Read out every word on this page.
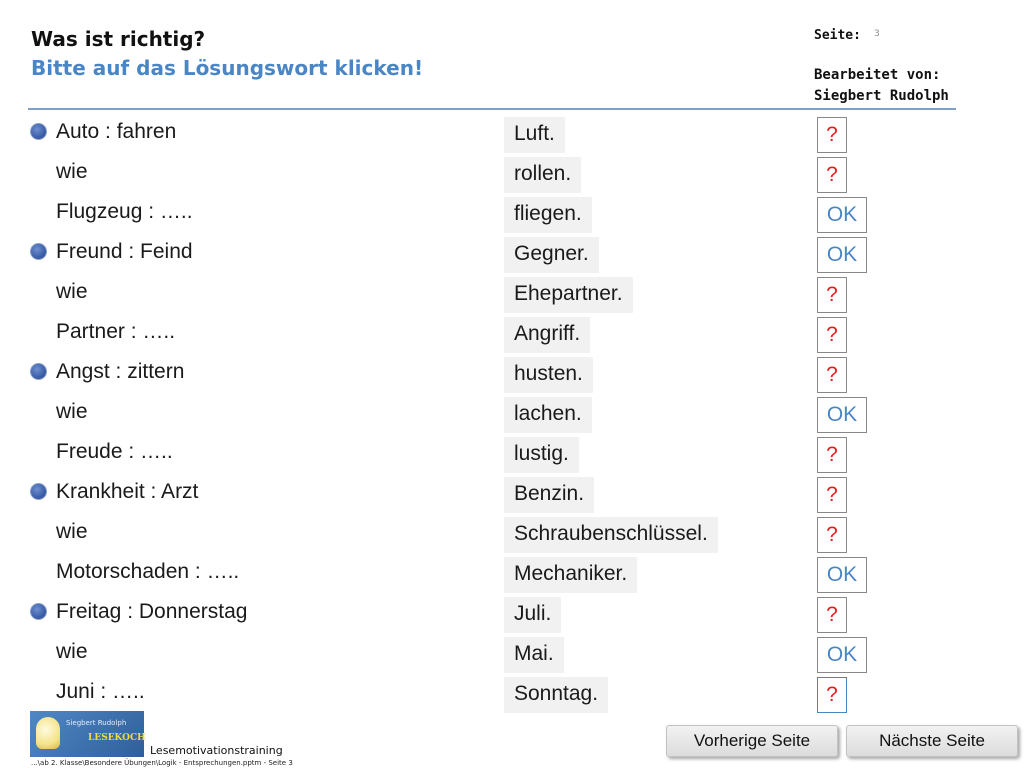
Was ist richtig?
Bitte auf das Lösungswort klicken!
Seite: 3
Bearbeitet von:
Siegbert Rudolph
Auto : fahren	Luft.	?
wie	rollen.	?
Flugzeug : …..	fliegen.	OK
Freund : Feind	Gegner.	OK
wie	Ehepartner.	?
Partner : …..	Angriff.	?
Angst : zittern	husten.	?
wie	lachen.	OK
Freude : …..	lustig.	?
Krankheit : Arzt	Benzin.	?
wie	Schraubenschlüssel.	?
Motorschaden : …..	Mechaniker.	OK
Freitag : Donnerstag	Juli.	?
wie	Mai.	OK
Juni : …..	Sonntag.	?
Siegbert Rudolph
LESEKOCH
Lesemotivationstraining
...\ab 2. Klasse\Besondere Übungen\Logik - Entsprechungen.pptm - Seite 3
Vorherige Seite	Nächste Seite
